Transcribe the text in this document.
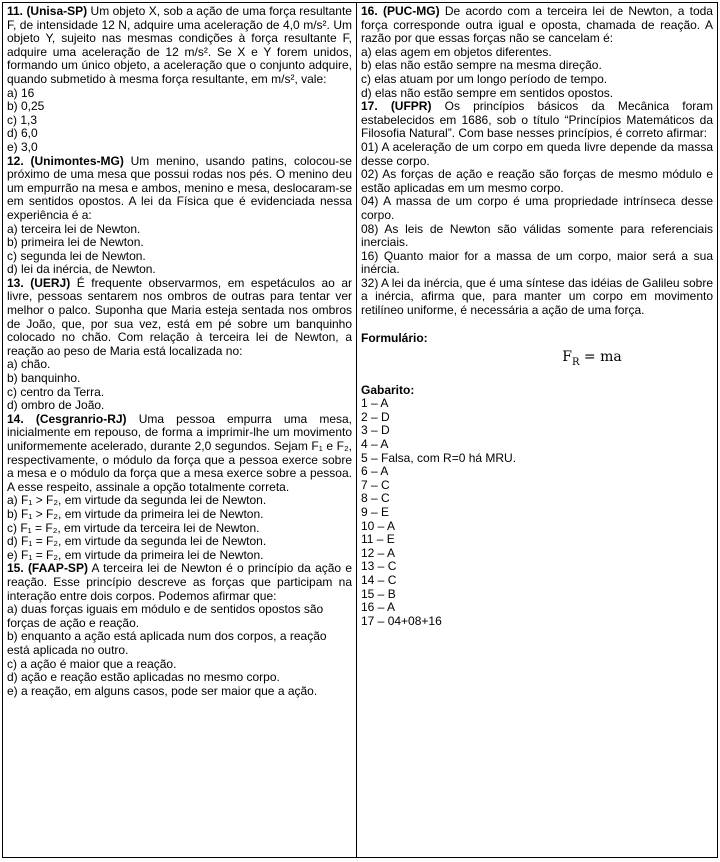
11. (Unisa-SP) Um objeto X, sob a ação de uma força resultante F, de intensidade 12 N, adquire uma aceleração de 4,0 m/s². Um objeto Y, sujeito nas mesmas condições à força resultante F, adquire uma aceleração de 12 m/s². Se X e Y forem unidos, formando um único objeto, a aceleração que o conjunto adquire, quando submetido à mesma força resultante, em m/s², vale:

a) 16
b) 0,25
c) 1,3
d) 6,0
e) 3,0

12. (Unimontes-MG) Um menino, usando patins, colocou-se próximo de uma mesa que possui rodas nos pés. O menino deu um empurrão na mesa e ambos, menino e mesa, deslocaram-se em sentidos opostos. A lei da Física que é evidenciada nessa experiência é a:

a) terceira lei de Newton.
b) primeira lei de Newton.
c) segunda lei de Newton.
d) lei da inércia, de Newton.

13. (UERJ) É frequente observarmos, em espetáculos ao ar livre, pessoas sentarem nos ombros de outras para tentar ver melhor o palco. Suponha que Maria esteja sentada nos ombros de João, que, por sua vez, está em pé sobre um banquinho colocado no chão. Com relação à terceira lei de Newton, a reação ao peso de Maria está localizada no:

a) chão.
b) banquinho.
c) centro da Terra.
d) ombro de João.

14. (Cesgranrio-RJ) Uma pessoa empurra uma mesa, inicialmente em repouso, de forma a imprimir-lhe um movimento uniformemente acelerado, durante 2,0 segundos. Sejam F₁ e F₂, respectivamente, o módulo da força que a pessoa exerce sobre a mesa e o módulo da força que a mesa exerce sobre a pessoa. A esse respeito, assinale a opção totalmente correta.

a) F₁ > F₂, em virtude da segunda lei de Newton.
b) F₁ > F₂, em virtude da primeira lei de Newton.
c) F₁ = F₂, em virtude da terceira lei de Newton.
d) F₁ = F₂, em virtude da segunda lei de Newton.
e) F₁ = F₂, em virtude da primeira lei de Newton.

15. (FAAP-SP) A terceira lei de Newton é o princípio da ação e reação. Esse princípio descreve as forças que participam na interação entre dois corpos. Podemos afirmar que:

a) duas forças iguais em módulo e de sentidos opostos são forças de ação e reação.
b) enquanto a ação está aplicada num dos corpos, a reação está aplicada no outro.
c) a ação é maior que a reação.
d) ação e reação estão aplicadas no mesmo corpo.
e) a reação, em alguns casos, pode ser maior que a ação.

16. (PUC-MG) De acordo com a terceira lei de Newton, a toda força corresponde outra igual e oposta, chamada de reação. A razão por que essas forças não se cancelam é:

a) elas agem em objetos diferentes.
b) elas não estão sempre na mesma direção.
c) elas atuam por um longo período de tempo.
d) elas não estão sempre em sentidos opostos.

17. (UFPR) Os princípios básicos da Mecânica foram estabelecidos em 1686, sob o título “Princípios Matemáticos da Filosofia Natural”. Com base nesses princípios, é correto afirmar:

01) A aceleração de um corpo em queda livre depende da massa desse corpo.
02) As forças de ação e reação são forças de mesmo módulo e estão aplicadas em um mesmo corpo.
04) A massa de um corpo é uma propriedade intrínseca desse corpo.
08) As leis de Newton são válidas somente para referenciais inerciais.
16) Quanto maior for a massa de um corpo, maior será a sua inércia.
32) A lei da inércia, que é uma síntese das idéias de Galileu sobre a inércia, afirma que, para manter um corpo em movimento retilíneo uniforme, é necessária a ação de uma força.
Formulário:
$F_R$ = ma
Gabarito:
1 – A
2 – D
3 – D
4 – A
5 – Falsa, com R=0 há MRU.
6 – A
7 – C
8 – C
9 – E
10 – A
11 – E
12 – A
13 – C
14 – C
15 – B
16 – A
17 – 04+08+16
